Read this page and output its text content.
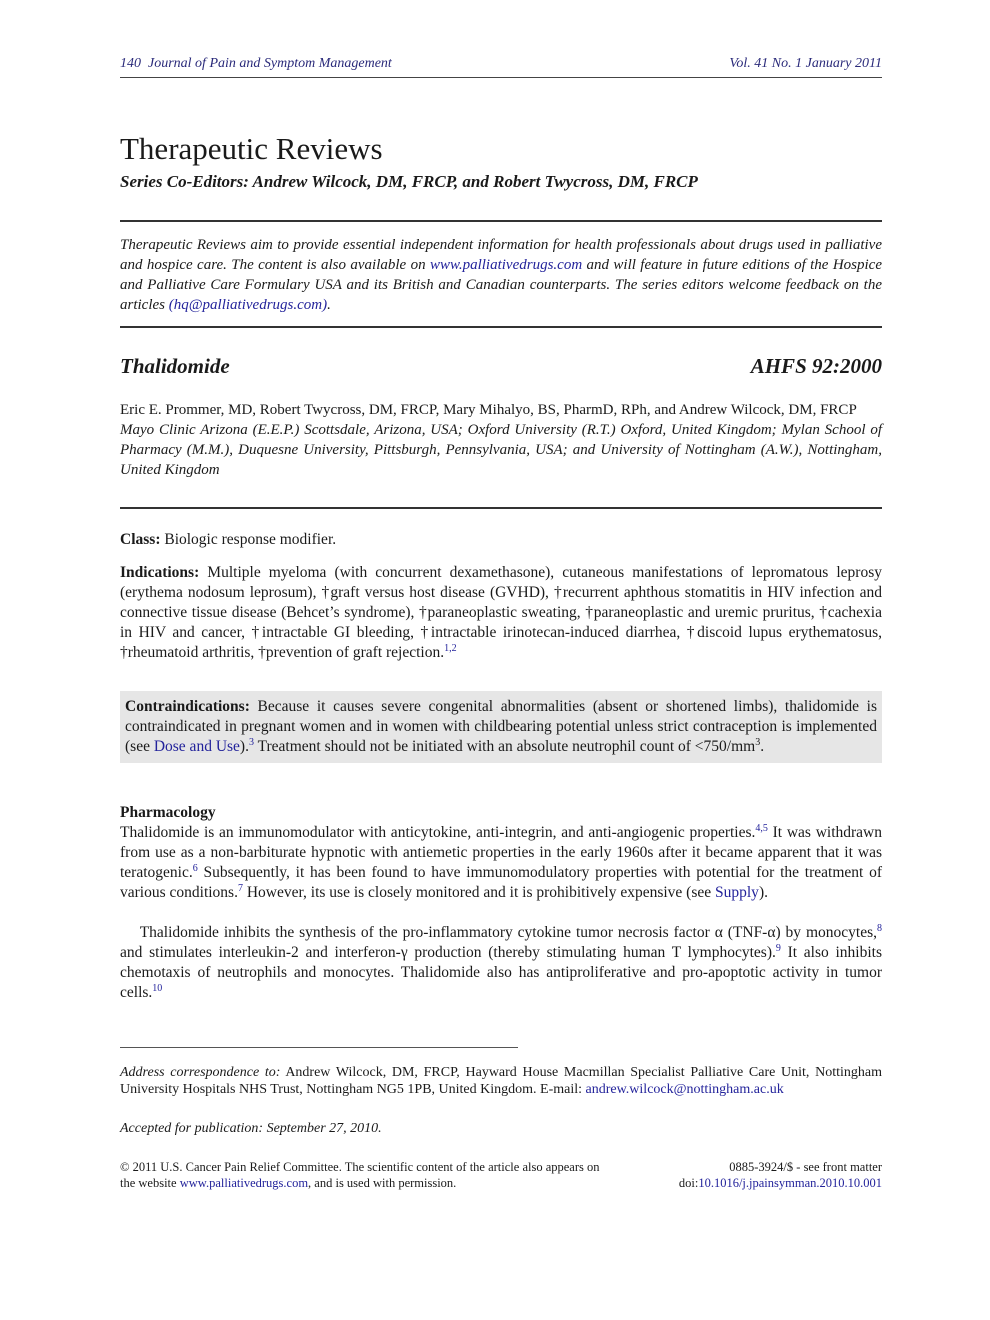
140  Journal of Pain and Symptom Management	Vol. 41 No. 1 January 2011
Therapeutic Reviews
Series Co-Editors: Andrew Wilcock, DM, FRCP, and Robert Twycross, DM, FRCP
Therapeutic Reviews aim to provide essential independent information for health professionals about drugs used in palliative and hospice care. The content is also available on www.palliativedrugs.com and will feature in future editions of the Hospice and Palliative Care Formulary USA and its British and Canadian counterparts. The series editors welcome feedback on the articles (hq@palliativedrugs.com).
Thalidomide	AHFS 92:2000
Eric E. Prommer, MD, Robert Twycross, DM, FRCP, Mary Mihalyo, BS, PharmD, RPh, and Andrew Wilcock, DM, FRCP
Mayo Clinic Arizona (E.E.P.) Scottsdale, Arizona, USA; Oxford University (R.T.) Oxford, United Kingdom; Mylan School of Pharmacy (M.M.), Duquesne University, Pittsburgh, Pennsylvania, USA; and University of Nottingham (A.W.), Nottingham, United Kingdom
Class: Biologic response modifier.
Indications: Multiple myeloma (with concurrent dexamethasone), cutaneous manifestations of lepromatous leprosy (erythema nodosum leprosum), †graft versus host disease (GVHD), †recurrent aphthous stomatitis in HIV infection and connective tissue disease (Behcet’s syndrome), †paraneoplastic sweating, †paraneoplastic and uremic pruritus, †cachexia in HIV and cancer, †intractable GI bleeding, †intractable irinotecan-induced diarrhea, †discoid lupus erythematosus, †rheumatoid arthritis, †prevention of graft rejection.$^{1,2}$
Contraindications: Because it causes severe congenital abnormalities (absent or shortened limbs), thalidomide is contraindicated in pregnant women and in women with childbearing potential unless strict contraception is implemented (see Dose and Use).$^3$ Treatment should not be initiated with an absolute neutrophil count of $<750/mm^3$.
Pharmacology
Thalidomide is an immunomodulator with anticytokine, anti-integrin, and anti-angiogenic properties.$^{4,5}$ It was withdrawn from use as a non-barbiturate hypnotic with antiemetic properties in the early 1960s after it became apparent that it was teratogenic.$^6$ Subsequently, it has been found to have immunomodulatory properties with potential for the treatment of various conditions.$^7$ However, its use is closely monitored and it is prohibitively expensive (see Supply).
Thalidomide inhibits the synthesis of the pro-inflammatory cytokine tumor necrosis factor α (TNF-α) by monocytes,$^8$ and stimulates interleukin-2 and interferon-γ production (thereby stimulating human T lymphocytes).$^9$ It also inhibits chemotaxis of neutrophils and monocytes. Thalidomide also has antiproliferative and pro-apoptotic activity in tumor cells.$^{10}$
Address correspondence to: Andrew Wilcock, DM, FRCP, Hayward House Macmillan Specialist Palliative Care Unit, Nottingham University Hospitals NHS Trust, Nottingham NG5 1PB, United Kingdom. E-mail: andrew.wilcock@nottingham.ac.uk
Accepted for publication: September 27, 2010.
© 2011 U.S. Cancer Pain Relief Committee. The scientific content of the article also appears on the website www.palliativedrugs.com, and is used with permission.
0885-3924/$ - see front matter
doi:10.1016/j.jpainsymman.2010.10.001
